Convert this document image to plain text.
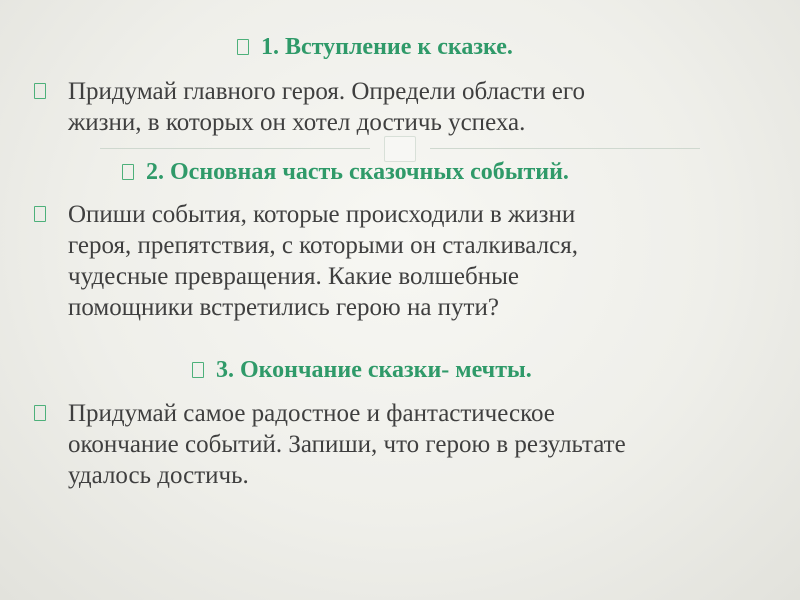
1. Вступление к сказке.
Придумай главного героя. Определи области его
жизни, в которых он хотел достичь успеха.
2. Основная часть сказочных событий.
Опиши события, которые происходили в жизни
героя, препятствия, с которыми он сталкивался,
чудесные превращения. Какие волшебные
помощники встретились герою на пути?
3. Окончание сказки- мечты.
Придумай самое радостное и фантастическое
окончание событий. Запиши, что герою в результате
удалось достичь.
